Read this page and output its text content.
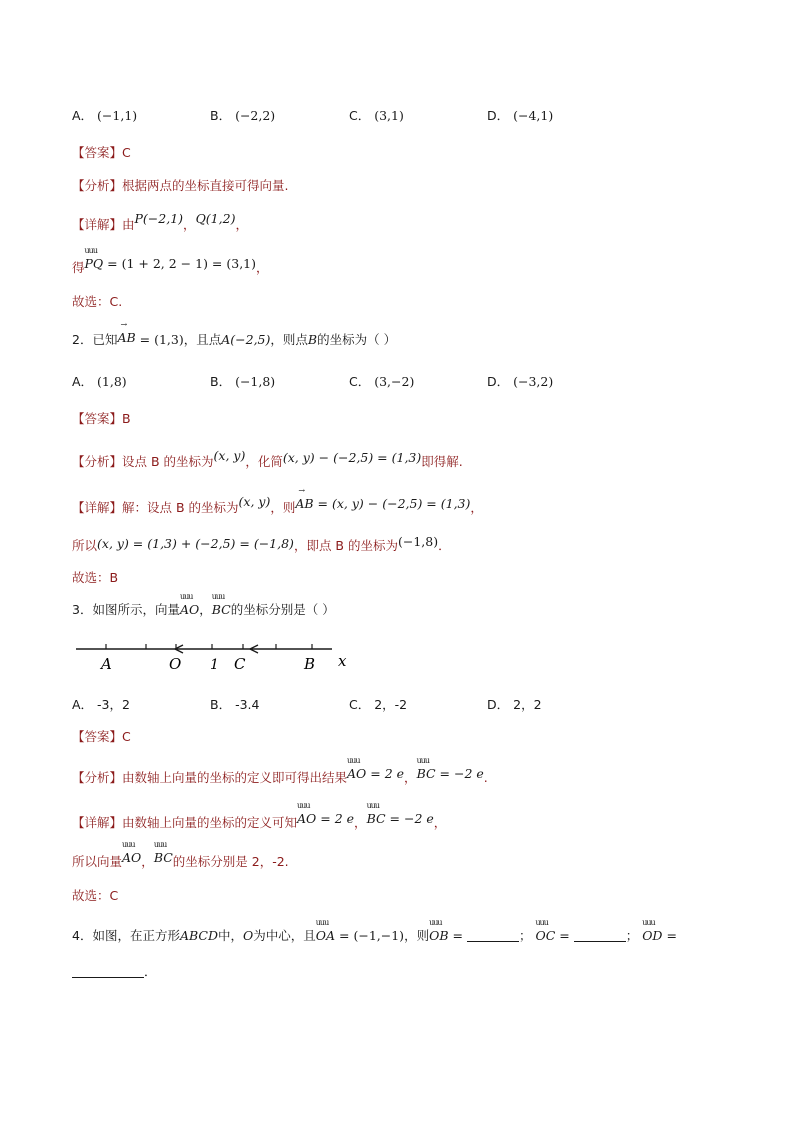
A． (−1,1)	B． (−2,2)	C． (3,1)	D． (−4,1)
【答案】C
【分析】根据两点的坐标直接可得向量.
【详解】由P(−2,1)，Q(1,2)，
得
uuu
PQ = (1 + 2, 2 − 1) = (3,1)，
故选：C.
2．已知
→
AB = (1,3)，且点A(−2,5)，则点B的坐标为（ ）
A． (1,8)	B． (−1,8)	C． (3,−2)	D． (−3,2)
【答案】B
【分析】设点 B 的坐标为(x, y)，化简(x, y) − (−2,5) = (1,3)即得解.
【详解】解：设点 B 的坐标为(x, y)，则
→
AB = (x, y) − (−2,5) = (1,3)，
所以(x, y) = (1,3) + (−2,5) = (−1,8)，即点 B 的坐标为(−1,8)．
故选：B
3．如图所示，向量
uuu
AO，
uuu
BC的坐标分别是（ ）
A	O 1 C	B x
A． -3，2	B． -3.4	C． 2，-2	D． 2，2
【答案】C
【分析】由数轴上向量的坐标的定义即可得出结果
uuu
AO = 2 e，
uuu
BC = −2 e.
【详解】由数轴上向量的坐标的定义可知
uuu
AO = 2 e，
uuu
BC = −2 e，
所以向量
uuu
AO，
uuu
BC的坐标分别是 2，-2.
故选：C
4．如图，在正方形ABCD中，O为中心，且
uuu
OA = (−1,−1)，则
uuu
OB =	；
uuu
OC =	；
uuu
OD =
．
